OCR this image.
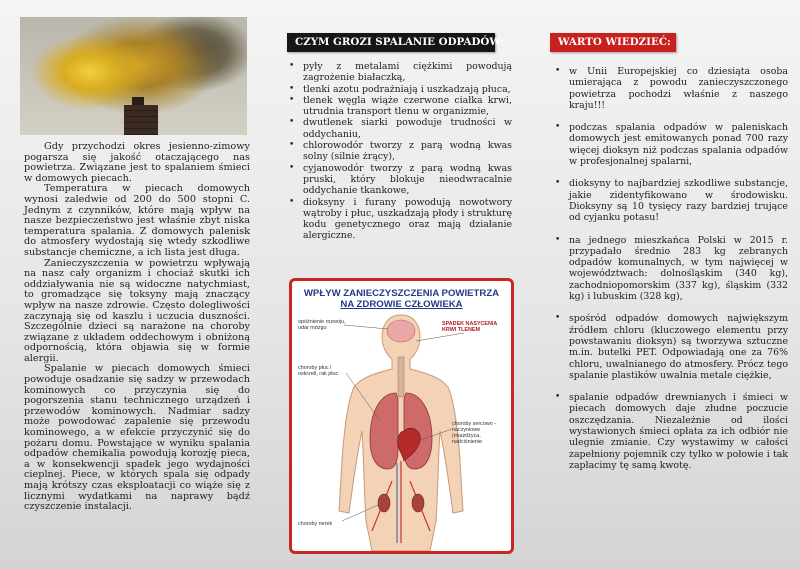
Gdy przychodzi okres jesienno-zimowy pogarsza się jakość otaczającego nas powietrza. Związane jest to spalaniem śmieci w domowych piecach.

Temperatura w piecach domowych wynosi zaledwie od 200 do 500 stopni C. Jednym z czynników, które mają wpływ na nasze bezpieczeństwo jest właśnie zbyt niska temperatura spalania. Z domowych palenisk do atmosfery wydostają się wtedy szkodliwe substancje chemiczne, a ich lista jest długa.

Zanieczyszczenia w powietrzu wpływają na nasz cały organizm i chociaż skutki ich oddziaływania nie są widoczne natychmiast, to gromadzące się toksyny mają znaczący wpływ na nasze zdrowie. Często dolegliwości zaczynają się od kaszlu i uczucia duszności. Szczególnie dzieci są narażone na choroby związane z układem oddechowym i obniżoną odpornością, która objawia się w formie alergii.

Spalanie w piecach domowych śmieci powoduje osadzanie się sadzy w przewodach kominowych co przyczynia się do pogorszenia stanu technicznego urządzeń i przewodów kominowych. Nadmiar sadzy może powodować zapalenie się przewodu kominowego, a w efekcie przyczynić się do pożaru domu. Powstające w wyniku spalania odpadów chemikalia powodują korozję pieca, a w konsekwencji spadek jego wydajności cieplnej. Piece, w których spala się odpady mają krótszy czas eksploatacji co wiąże się z licznymi wydatkami na naprawy bądź czyszczenie instalacji.

CZYM GROZI SPALANIE ODPADÓW:
• pyły z metalami ciężkimi powodują zagrożenie białaczką,
• tlenki azotu podrażniają i uszkadzają płuca,
• tlenek węgla wiąże czerwone ciałka krwi, utrudnia transport tlenu w organizmie,
• dwutlenek siarki powoduje trudności w oddychaniu,
• chlorowodór tworzy z parą wodną kwas solny (silnie żrący),
• cyjanowodór tworzy z parą wodną kwas pruski, który blokuje nieodwracalnie oddychanie tkankowe,
• dioksyny i furany powodują nowotwory wątroby i płuc, uszkadzają płody i strukturę kodu genetycznego oraz mają działanie alergiczne.
WPŁYW ZANIECZYSZCZENIA POWIETRZA
NA ZDROWIE CZŁOWIEKA
opóźnienie rozwoju, udar mózgu
choroby płuc i oskrzeli, rak płuc
SPADEK NASYCENIA KRWI TLENEM
choroby sercowo -naczyniowe (miażdżyca, nadciśnienie
choroby nerek
WARTO WIEDZIEĆ:
• w Unii Europejskiej co dziesiąta osoba umierająca z powodu zanieczyszczonego powietrza pochodzi właśnie z naszego kraju!!!
• podczas spalania odpadów w paleniskach domowych jest emitowanych ponad 700 razy więcej dioksyn niż podczas spalania odpadów w profesjonalnej spalarni,
• dioksyny to najbardziej szkodliwe substancje, jakie zidentyfikowano w środowisku. Dioksyny są 10 tysięcy razy bardziej trujące od cyjanku potasu!
• na jednego mieszkańca Polski w 2015 r. przypadało średnio 283 kg zebranych odpadów komunalnych, w tym najwięcej w województwach: dolnośląskim (340 kg), zachodniopomorskim (337 kg), śląskim (332 kg) i lubuskim (328 kg),
• spośród odpadów domowych największym źródłem chloru (kluczowego elementu przy powstawaniu dioksyn) są tworzywa sztuczne m.in. butelki PET. Odpowiadają one za 76% chloru, uwalnianego do atmosfery. Prócz tego spalanie plastików uwalnia metale ciężkie,
• spalanie odpadów drewnianych i śmieci w piecach domowych daje złudne poczucie oszczędzania. Niezależnie od ilości wystawionych śmieci opłata za ich odbiór nie ulegnie zmianie. Czy wystawimy w całości zapełniony pojemnik czy tylko w połowie i tak zapłacimy tę samą kwotę.
